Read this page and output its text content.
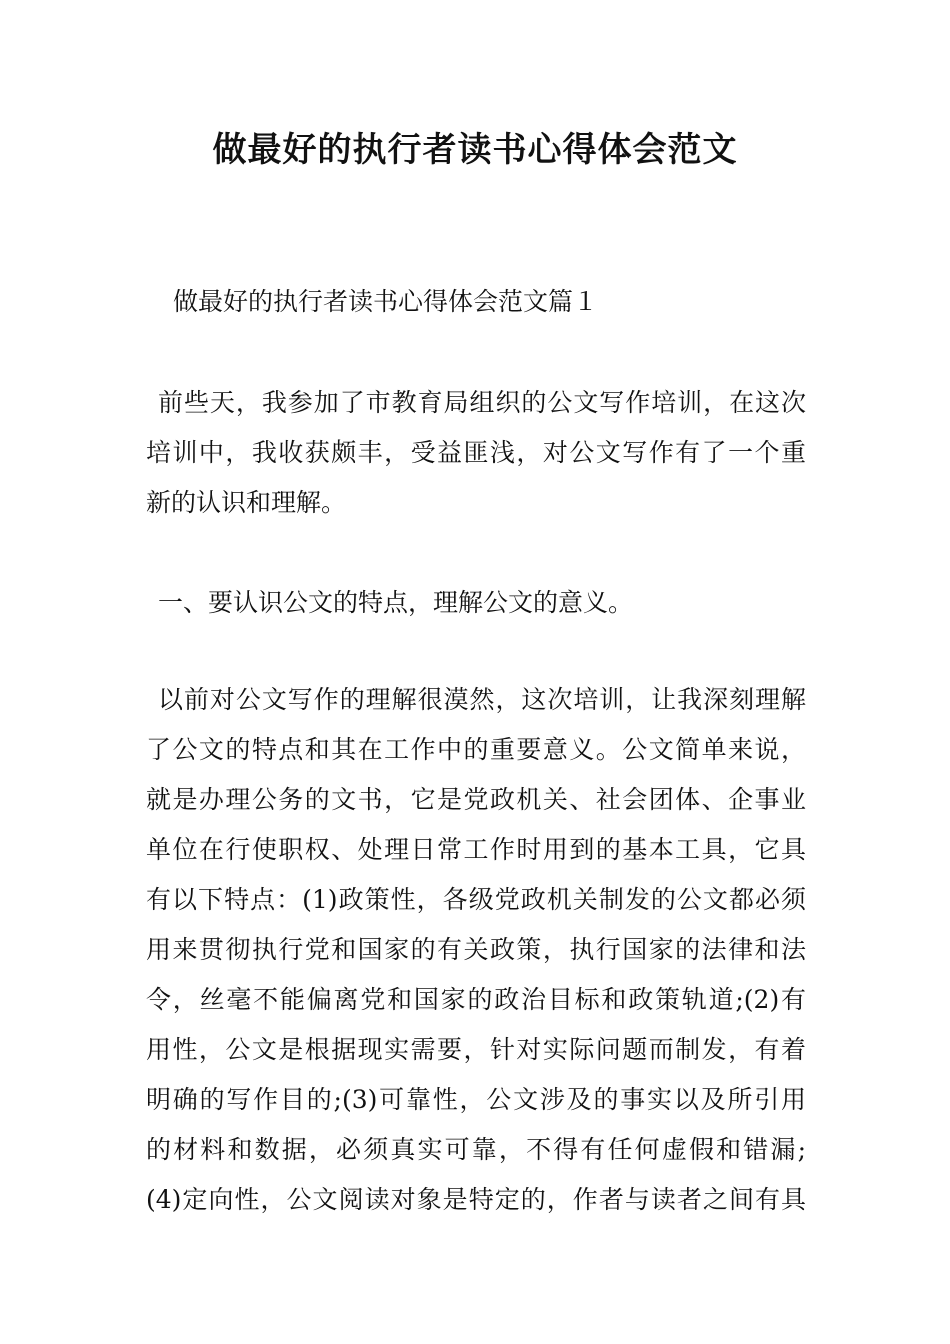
做最好的执行者读书心得体会范文
做最好的执行者读书心得体会范文篇１
前些天，我参加了市教育局组织的公文写作培训，在这次
培训中，我收获颇丰，受益匪浅，对公文写作有了一个重
新的认识和理解。
一、要认识公文的特点，理解公文的意义。
以前对公文写作的理解很漠然，这次培训，让我深刻理解
了公文的特点和其在工作中的重要意义。公文简单来说，
就是办理公务的文书，它是党政机关、社会团体、企事业
单位在行使职权、处理日常工作时用到的基本工具，它具
有以下特点：(1)政策性，各级党政机关制发的公文都必须
用来贯彻执行党和国家的有关政策，执行国家的法律和法
令，丝毫不能偏离党和国家的政治目标和政策轨道;(2)有
用性，公文是根据现实需要，针对实际问题而制发，有着
明确的写作目的;(3)可靠性，公文涉及的事实以及所引用
的材料和数据，必须真实可靠，不得有任何虚假和错漏;
(4)定向性，公文阅读对象是特定的，作者与读者之间有具
